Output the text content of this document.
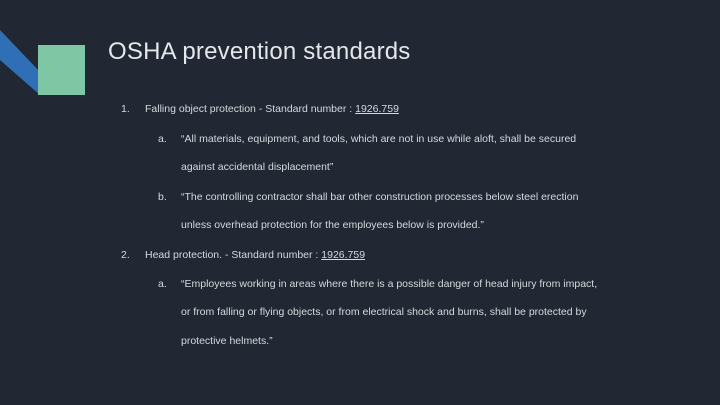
OSHA prevention standards
1. Falling object protection - Standard number : 1926.759
a. “All materials, equipment, and tools, which are not in use while aloft, shall be secured
against accidental displacement”
b. “The controlling contractor shall bar other construction processes below steel erection
unless overhead protection for the employees below is provided.”
2. Head protection. - Standard number : 1926.759
a. “Employees working in areas where there is a possible danger of head injury from impact,
or from falling or flying objects, or from electrical shock and burns, shall be protected by
protective helmets.”
